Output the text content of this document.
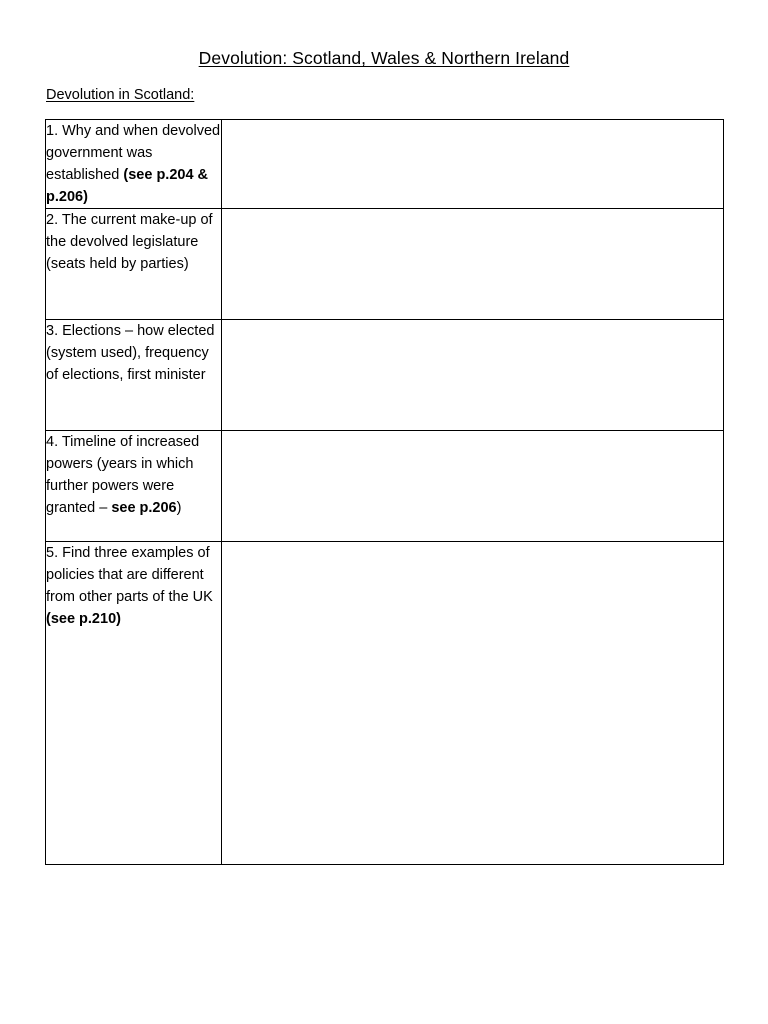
Devolution: Scotland, Wales & Northern Ireland
Devolution in Scotland:
1. Why and when devolved government was established (see p.204 & p.206)	
2. The current make-up of the devolved legislature (seats held by parties)	
3. Elections – how elected (system used), frequency of elections, first minister	
4. Timeline of increased powers (years in which further powers were granted – see p.206)	
5. Find three examples of policies that are different from other parts of the UK (see p.210)	
